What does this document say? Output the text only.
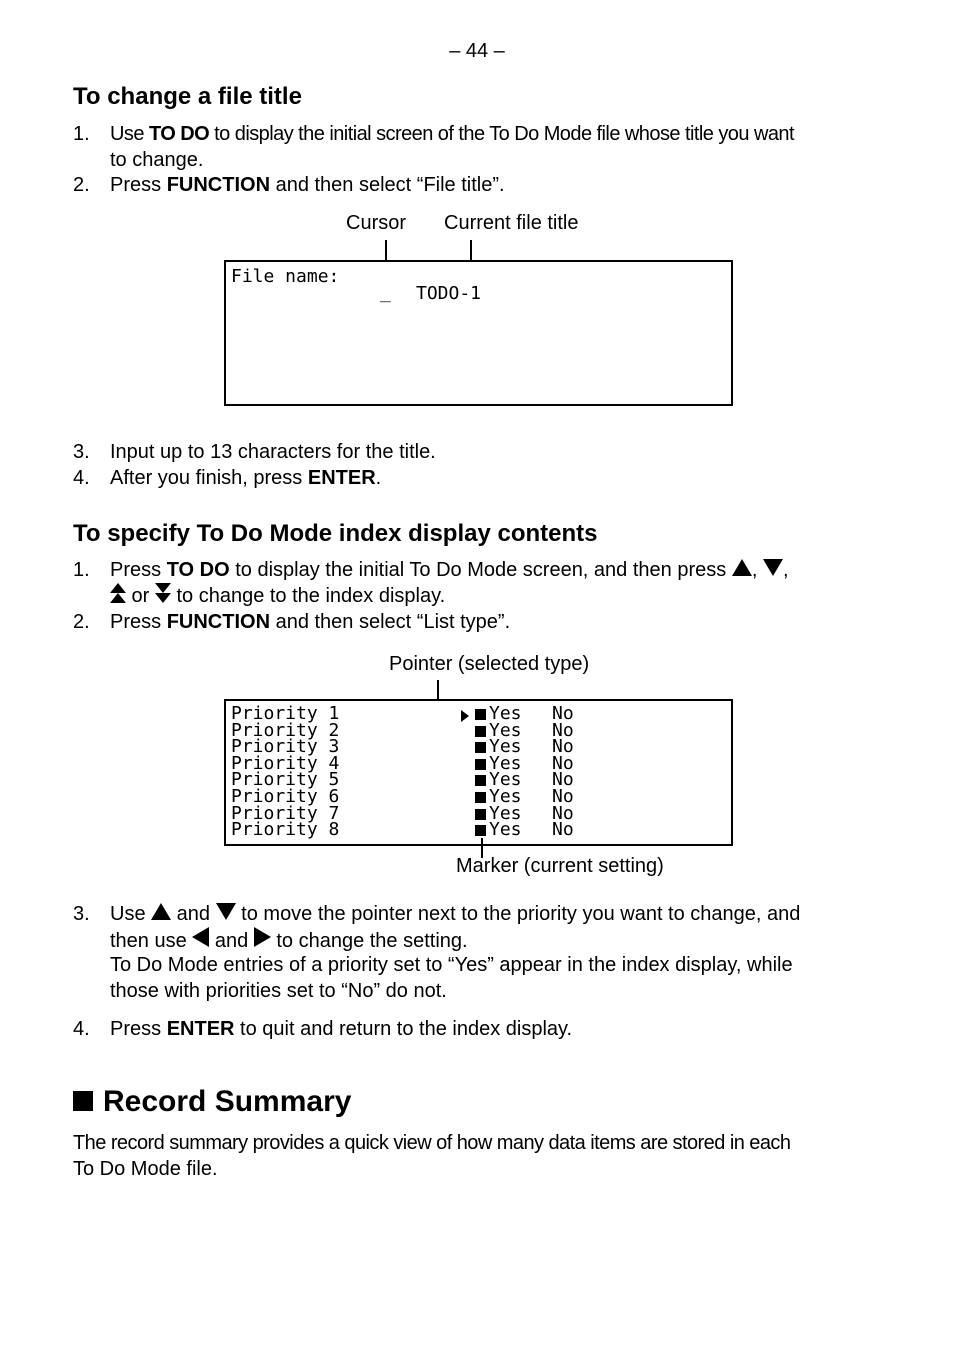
– 44 –
To change a file title
1.	Use TO DO to display the initial screen of the To Do Mode file whose title you want
to change.
2.	Press FUNCTION and then select “File title”.
Cursor Current file title
File name:
_ TODO-1
3.	Input up to 13 characters for the title.
4.	After you finish, press ENTER.
To specify To Do Mode index display contents
1.	Press TO DO to display the initial To Do Mode screen, and then press , ,
or
to change to the index display.
2.	Press FUNCTION and then select “List type”.
Pointer (selected type)
Priority 1	Yes No
Priority 2	Yes No
Priority 3	Yes No
Priority 4	Yes No
Priority 5	Yes No
Priority 6	Yes No
Priority 7	Yes No
Priority 8	Yes No
Marker (current setting)
3.	Use  and  to move the pointer next to the priority you want to change, and
then use  and  to change the setting.
To Do Mode entries of a priority set to “Yes” appear in the index display, while
those with priorities set to “No” do not.
4.	Press ENTER to quit and return to the index display.
Record Summary
The record summary provides a quick view of how many data items are stored in each
To Do Mode file.
